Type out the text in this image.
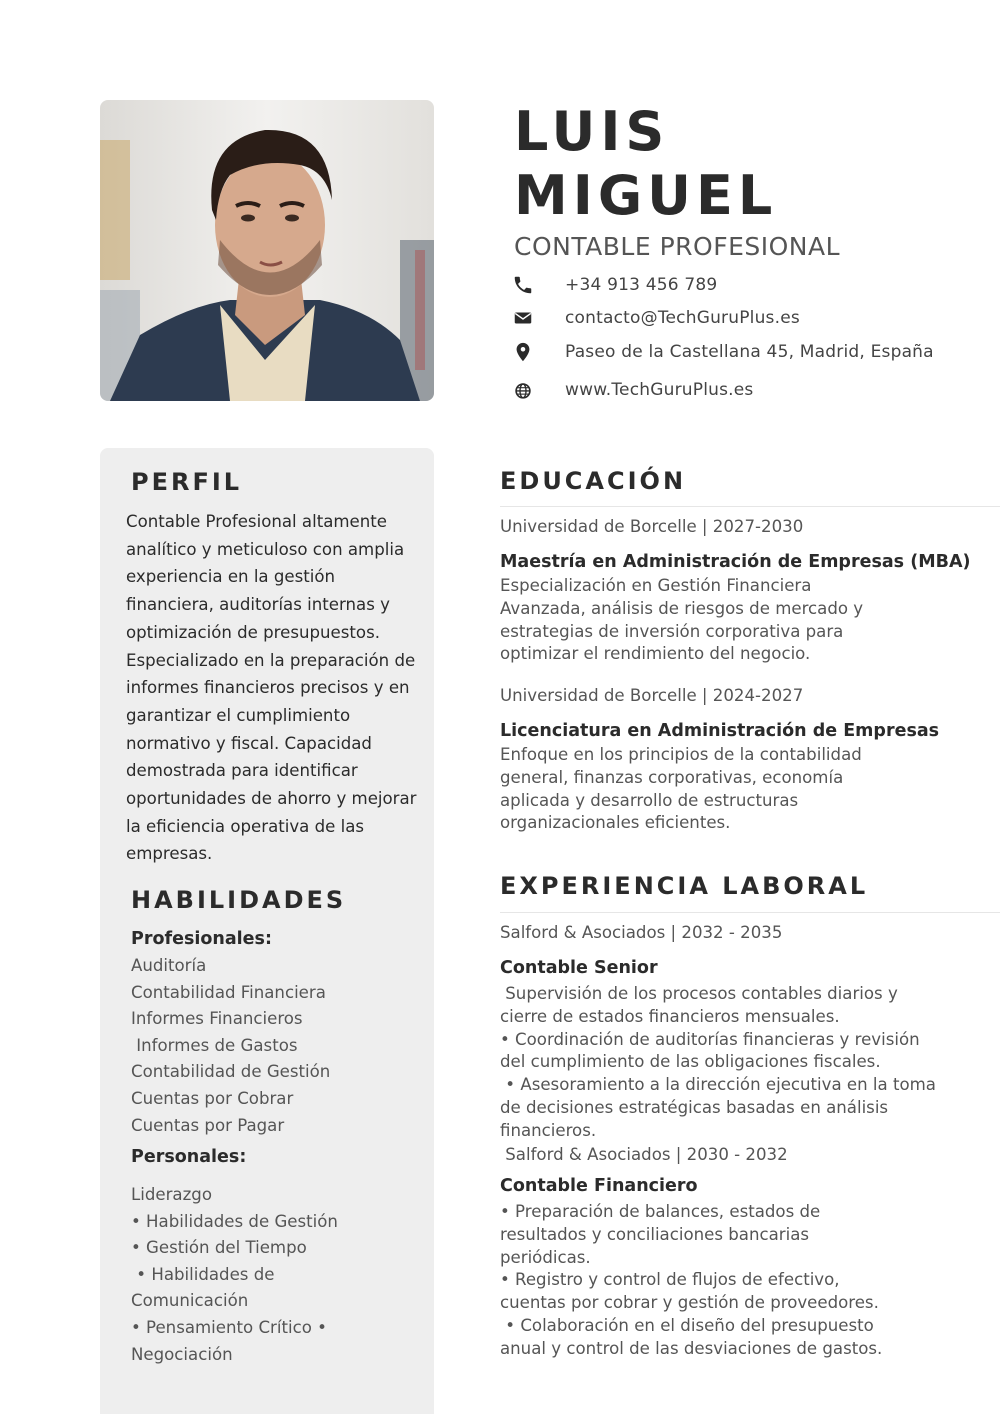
LUIS
MIGUEL
CONTABLE PROFESIONAL
+34 913 456 789
contacto@TechGuruPlus.es
Paseo de la Castellana 45, Madrid, España
www.TechGuruPlus.es
PERFIL

Contable Profesional altamente analítico y meticuloso con amplia experiencia en la gestión financiera, auditorías internas y optimización de presupuestos. Especializado en la preparación de informes financieros precisos y en garantizar el cumplimiento normativo y fiscal. Capacidad demostrada para identificar oportunidades de ahorro y mejorar la eficiencia operativa de las empresas.

HABILIDADES
Profesionales:
Auditoría
Contabilidad Financiera
Informes Financieros
Informes de Gastos
Contabilidad de Gestión
Cuentas por Cobrar
Cuentas por Pagar
Personales:
Liderazgo
• Habilidades de Gestión
• Gestión del Tiempo
• Habilidades de
Comunicación
• Pensamiento Crítico •
Negociación
EDUCACIÓN
Universidad de Borcelle | 2027-2030
Maestría en Administración de Empresas (MBA)

Especialización en Gestión Financiera
Avanzada, análisis de riesgos de mercado y
estrategias de inversión corporativa para
optimizar el rendimiento del negocio.

Universidad de Borcelle | 2024-2027
Licenciatura en Administración de Empresas

Enfoque en los principios de la contabilidad
general, finanzas corporativas, economía
aplicada y desarrollo de estructuras
organizacionales eficientes.

EXPERIENCIA LABORAL
Salford & Asociados | 2032 - 2035
Contable Senior

Supervisión de los procesos contables diarios y
cierre de estados financieros mensuales.
• Coordinación de auditorías financieras y revisión
del cumplimiento de las obligaciones fiscales.
• Asesoramiento a la dirección ejecutiva en la toma
de decisiones estratégicas basadas en análisis
financieros.

Salford & Asociados | 2030 - 2032
Contable Financiero

• Preparación de balances, estados de
resultados y conciliaciones bancarias
periódicas.
• Registro y control de flujos de efectivo,
cuentas por cobrar y gestión de proveedores.
• Colaboración en el diseño del presupuesto
anual y control de las desviaciones de gastos.
